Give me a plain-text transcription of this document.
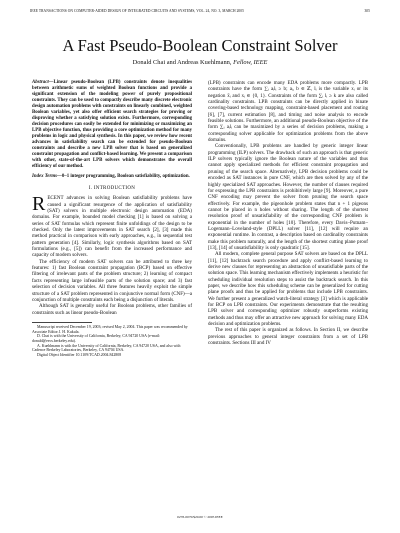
IEEE TRANSACTIONS ON COMPUTER-AIDED DESIGN OF INTEGRATED CIRCUITS AND SYSTEMS, VOL. 24, NO. 3, MARCH 2005	305
A Fast Pseudo-Boolean Constraint Solver
Donald Chai and Andreas Kuehlmann, Fellow, IEEE
Abstract—Linear pseudo-Boolean (LPB) constraints denote inequalities between arithmetic sums of weighted Boolean functions and provide a significant extension of the modeling power of purely propositional constraints. They can be used to compactly describe many discrete electronic design automation problems with constraints on linearly combined, weighted Boolean variables, yet also offer efficient search strategies for proving or disproving whether a satisfying solution exists. Furthermore, corresponding decision procedures can easily be extended for minimizing or maximizing an LPB objective function, thus providing a core optimization method for many problems in logic and physical synthesis. In this paper, we review how recent advances in satisfiability search can be extended for pseudo-Boolean constraints and describe a new LPB solver that is based on generalized constraint propagation and conflict-based learning. We present a comparison with other, state-of-the-art LPB solvers which demonstrates the overall efficiency of our method.
Index Terms—0–1 integer programming, Boolean satisfiability, optimization.
I. INTRODUCTION

RECENT advances in solving Boolean satisfiability problems have caused a significant resurgence of the application of satisfiability (SAT) solvers in multiple electronic design automation (EDA) domains. For example, bounded model checking [1] is based on solving a series of SAT formulas which represent finite unfoldings of the design to be checked. Only the latest improvements in SAT search [2], [3] made this method practical in comparison with early approaches, e.g., in sequential test pattern generation [4]. Similarly, logic synthesis algorithms based on SAT formulations (e.g., [5]) can benefit from the increased performance and capacity of modern solvers.

The efficiency of modern SAT solvers can be attributed to three key features: 1) fast Boolean constraint propagation (BCP) based on effective filtering of irrelevant parts of the problem structure; 2) learning of compact facts representing large infeasible parts of the solution space; and 3) fast selection of decision variables. All three features heavily exploit the simple structure of a SAT problem represented in conjunctive normal form (CNF)—a conjunction of multiple constraints each being a disjunction of literals.

Although SAT is generally useful for Boolean problems, other families of constraints such as linear pseudo-Boolean

Manuscript received December 19, 2003; revised May 2, 2004. This paper was recommended by Associate Editor J. H. Kukula.

D. Chai is with the University of California, Berkeley, CA 94720 USA (e-mail: donald@eecs.berkeley.edu).

A. Kuehlmann is with the University of California, Berkeley, CA 94720 USA, and also with Cadence Berkeley Laboratories, Berkeley, CA 94704 USA.

Digital Object Identifier 10.1109/TCAD.2004.842808

(LPB) constraints can encode many EDA problems more compactly. LPB constraints have the form ∑ᵢ aᵢlᵢ ≥ b; aᵢ, b ∈ ℤ, lᵢ is the variable xᵢ or its negation x̄ᵢ and xᵢ ∈ {0, 1}. Constraints of the form ∑ᵢ lᵢ ≥ k are also called cardinality constraints. LPB constraints can be directly applied in binate covering-based technology mapping, constraint-based placement and routing [6], [7], current estimation [8], and timing and noise analysis to encode feasible solutions. Furthermore, an additional pseudo-Boolean objective of the form ∑ᵢ aᵢlᵢ can be maximized by a series of decision problems, making a corresponding solver applicable for optimization problems from the above domains.

Conventionally, LPB problems are handled by generic integer linear programming (ILP) solvers. The drawback of such an approach is that generic ILP solvers typically ignore the Boolean nature of the variables and thus cannot apply specialized methods for efficient constraint propagation and pruning of the search space. Alternatively, LPB decision problems could be encoded as SAT instances in pure CNF, which are then solved by any of the highly specialized SAT approaches. However, the number of clauses required for expressing the LPB constraints is prohibitively large [9]. Moreover, a pure CNF encoding may prevent the solver from pruning the search space effectively. For example, the pigeonhole problem states that n + 1 pigeons cannot be placed in n holes without sharing. The length of the shortest resolution proof of unsatisfiability of the corresponding CNF problem is exponential in the number of holes [10]. Therefore, every Davis–Putnam–Logemann–Loveland-style (DPLL) solver [11], [12] will require an exponential runtime. In contrast, a description based on cardinality constraints make this problem naturally, and the length of the shortest cutting plane proof [13], [14] of unsatisfiability is only quadratic [15].

All modern, complete general purpose SAT solvers are based on the DPLL [11], [12] backtrack search procedure and apply conflict-based learning to derive new clauses for representing an abstraction of unsatisfiable parts of the solution space. This learning mechanism effectively implements a heuristic for scheduling individual resolution steps to assist the backtrack search. In this paper, we describe how this scheduling scheme can be generalized for cutting plane proofs and thus be applied for problems that include LPB constraints. We further present a generalized watch-literal strategy [3] which is applicable for BCP on LPB constraints. Our experiments demonstrate that the resulting LPB solver and corresponding optimizer robustly outperforms existing methods and thus may offer an attractive new approach for solving many EDA decision and optimization problems.

The rest of this paper is organized as follows. In Section II, we describe previous approaches to general integer constraints from a set of LPB constraints. Sections III and IV

0278-0070/$20.00 © 2005 IEEE
